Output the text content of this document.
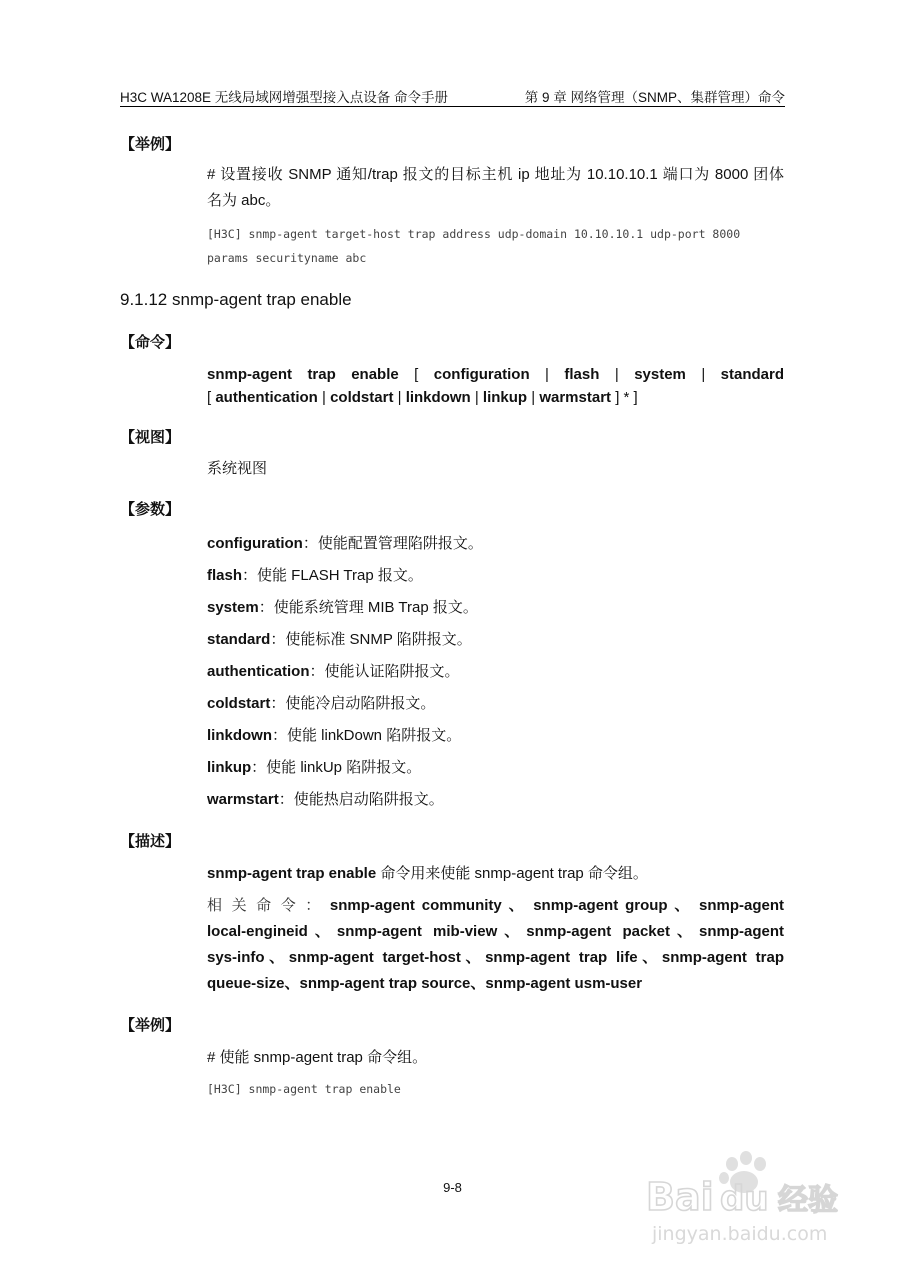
H3C WA1208E 无线局域网增强型接入点设备 命令手册	第 9 章 网络管理（SNMP、集群管理）命令
【举例】
# 设置接收 SNMP 通知/trap 报文的目标主机 ip 地址为 10.10.10.1 端口为 8000 团体
名为 abc。
[H3C] snmp-agent target-host trap address udp-domain 10.10.10.1 udp-port 8000
params securityname abc
9.1.12 snmp-agent trap enable
【命令】
snmp-agent trap enable [ configuration | flash | system | standard
[ authentication | coldstart | linkdown | linkup | warmstart ] * ]
【视图】
系统视图
【参数】
configuration：使能配置管理陷阱报文。
flash：使能 FLASH Trap 报文。
system：使能系统管理 MIB Trap 报文。
standard：使能标准 SNMP 陷阱报文。
authentication：使能认证陷阱报文。
coldstart：使能冷启动陷阱报文。
linkdown：使能 linkDown 陷阱报文。
linkup：使能 linkUp 陷阱报文。
warmstart：使能热启动陷阱报文。
【描述】
snmp-agent trap enable 命令用来使能 snmp-agent trap 命令组。
相 关 命 令 ： snmp-agent community 、 snmp-agent group 、 snmp-agent
local-engineid、snmp-agent mib-view、snmp-agent packet、snmp-agent
sys-info、snmp-agent target-host、snmp-agent trap life、snmp-agent trap
queue-size、snmp-agent trap source、snmp-agent usm-user
【举例】
# 使能 snmp-agent trap 命令组。
[H3C] snmp-agent trap enable
9-8	Bai du 经验
jingyan.baidu.com
